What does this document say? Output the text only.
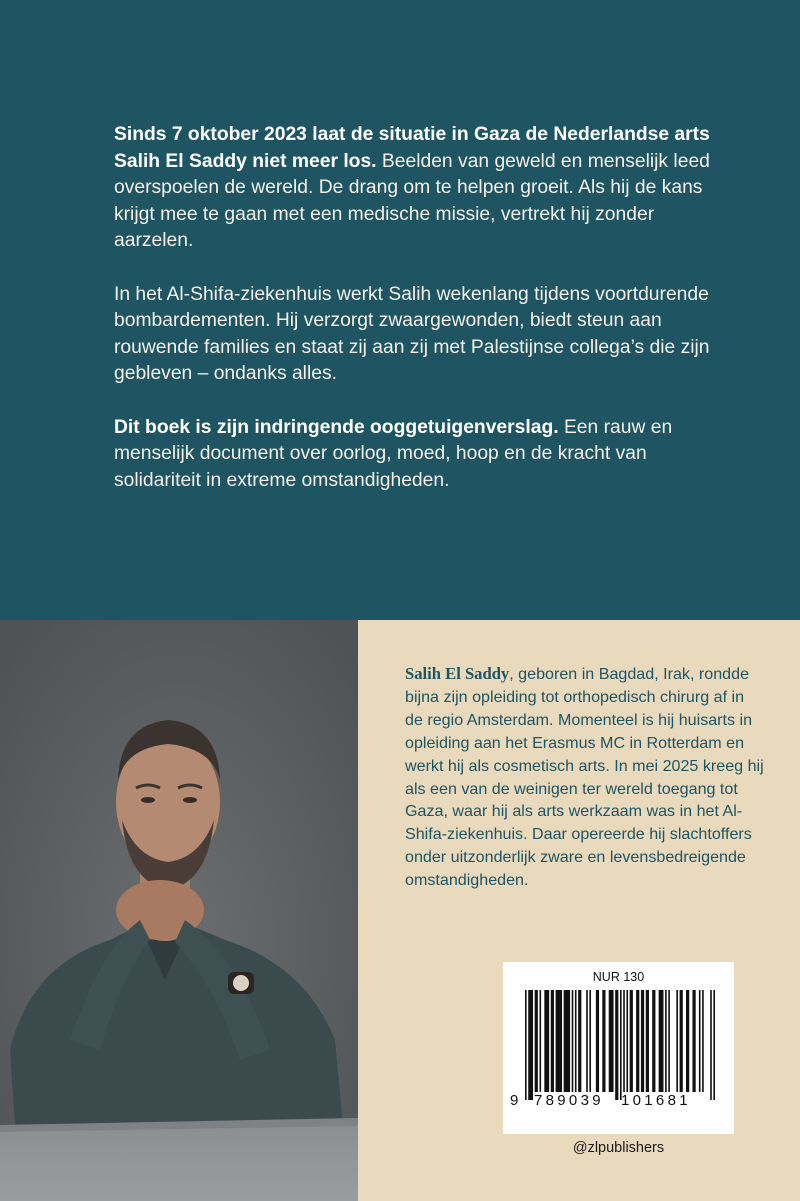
Sinds 7 oktober 2023 laat de situatie in Gaza de Nederlandse arts Salih El Saddy niet meer los. Beelden van geweld en menselijk leed overspoelen de wereld. De drang om te helpen groeit. Als hij de kans krijgt mee te gaan met een medische missie, vertrekt hij zonder aarzelen.

In het Al-Shifa-ziekenhuis werkt Salih wekenlang tijdens voortdurende bombardementen. Hij verzorgt zwaargewonden, biedt steun aan rouwende families en staat zij aan zij met Palestijnse collega’s die zijn gebleven – ondanks alles.

Dit boek is zijn indringende ooggetuigenverslag. Een rauw en menselijk document over oorlog, moed, hoop en de kracht van solidariteit in extreme omstandigheden.

Salih El Saddy, geboren in Bagdad, Irak, rondde bijna zijn opleiding tot orthopedisch chirurg af in de regio Amsterdam. Momenteel is hij huisarts in opleiding aan het Erasmus MC in Rotterdam en werkt hij als cosmetisch arts. In mei 2025 kreeg hij als een van de weinigen ter wereld toegang tot Gaza, waar hij als arts werkzaam was in het Al-Shifa-ziekenhuis. Daar opereerde hij slachtoffers onder uitzonderlijk zware en levensbedreigende omstandigheden.
NUR 130
9 789039 101681
@zlpublishers
